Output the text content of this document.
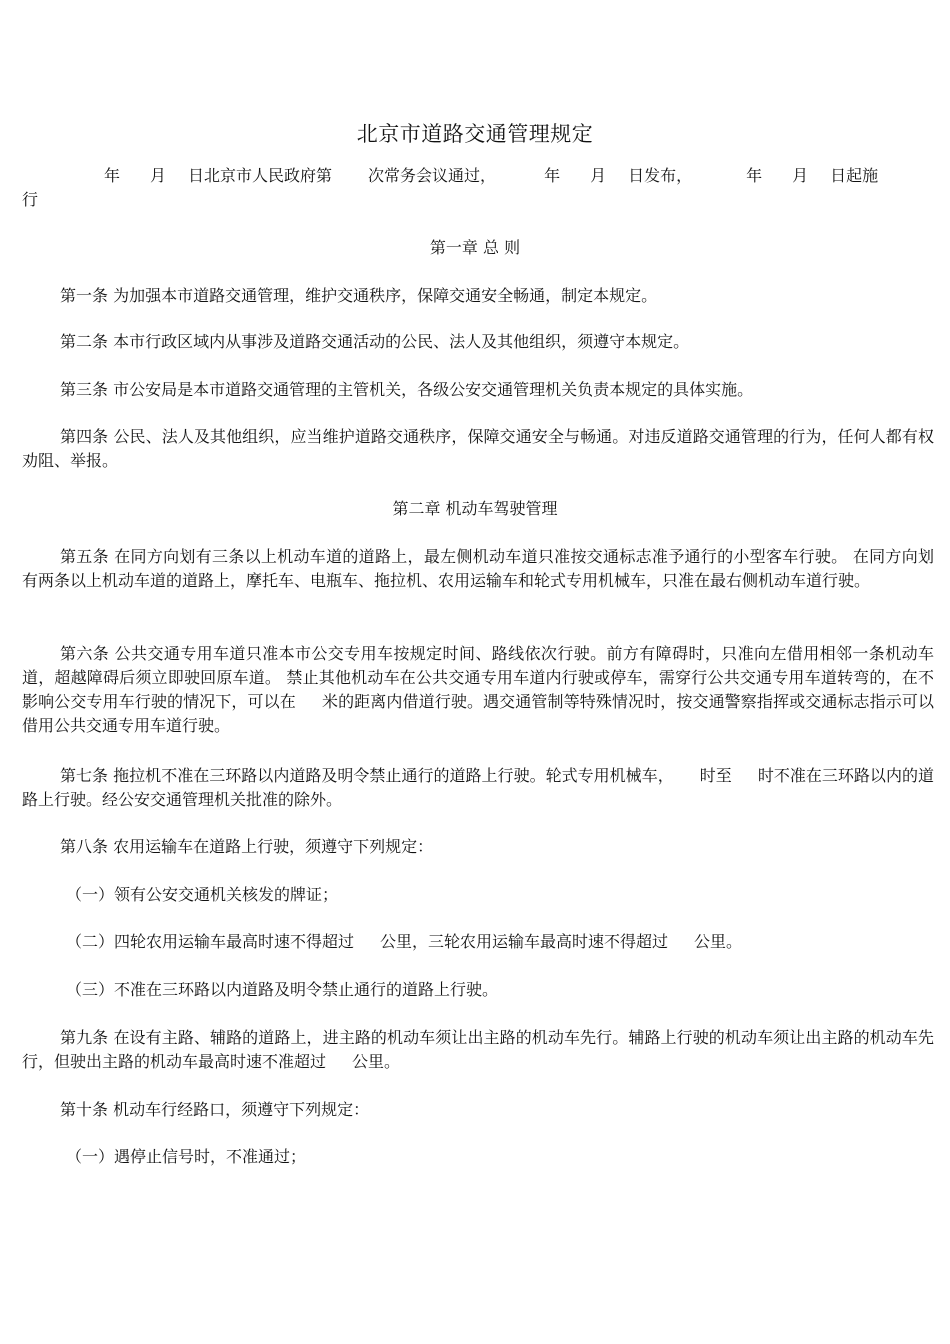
北京市道路交通管理规定
年 月 日北京市人民政府第 次常务会议通过，	年 月 日发布，	年 月 日起施
行
第一章 总 则
第一条 为加强本市道路交通管理，维护交通秩序，保障交通安全畅通，制定本规定。
第二条 本市行政区域内从事涉及道路交通活动的公民、法人及其他组织，须遵守本规定。
第三条 市公安局是本市道路交通管理的主管机关，各级公安交通管理机关负责本规定的具体实施。
第四条 公民、法人及其他组织，应当维护道路交通秩序，保障交通安全与畅通。对违反道路交通管理的行为，任何人都有权劝阻、举报。
第二章 机动车驾驶管理
第五条 在同方向划有三条以上机动车道的道路上，最左侧机动车道只准按交通标志准予通行的小型客车行驶。 在同方向划有两条以上机动车道的道路上，摩托车、电瓶车、拖拉机、农用运输车和轮式专用机械车，只准在最右侧机动车道行驶。
第六条 公共交通专用车道只准本市公交专用车按规定时间、路线依次行驶。前方有障碍时，只准向左借用相邻一条机动车道，超越障碍后须立即驶回原车道。 禁止其他机动车在公共交通专用车道内行驶或停车，需穿行公共交通专用车道转弯的，在不影响公交专用车行驶的情况下，可以在 米的距离内借道行驶。遇交通管制等特殊情况时，按交通警察指挥或交通标志指示可以借用公共交通专用车道行驶。
第七条 拖拉机不准在三环路以内道路及明令禁止通行的道路上行驶。轮式专用机械车， 时至 时不准在三环路以内的道路上行驶。经公安交通管理机关批准的除外。
第八条 农用运输车在道路上行驶，须遵守下列规定：
（一）领有公安交通机关核发的牌证；
（二）四轮农用运输车最高时速不得超过 公里，三轮农用运输车最高时速不得超过 公里。
（三）不准在三环路以内道路及明令禁止通行的道路上行驶。
第九条 在设有主路、辅路的道路上，进主路的机动车须让出主路的机动车先行。辅路上行驶的机动车须让出主路的机动车先行，但驶出主路的机动车最高时速不准超过 公里。
第十条 机动车行经路口，须遵守下列规定：
（一）遇停止信号时，不准通过；
